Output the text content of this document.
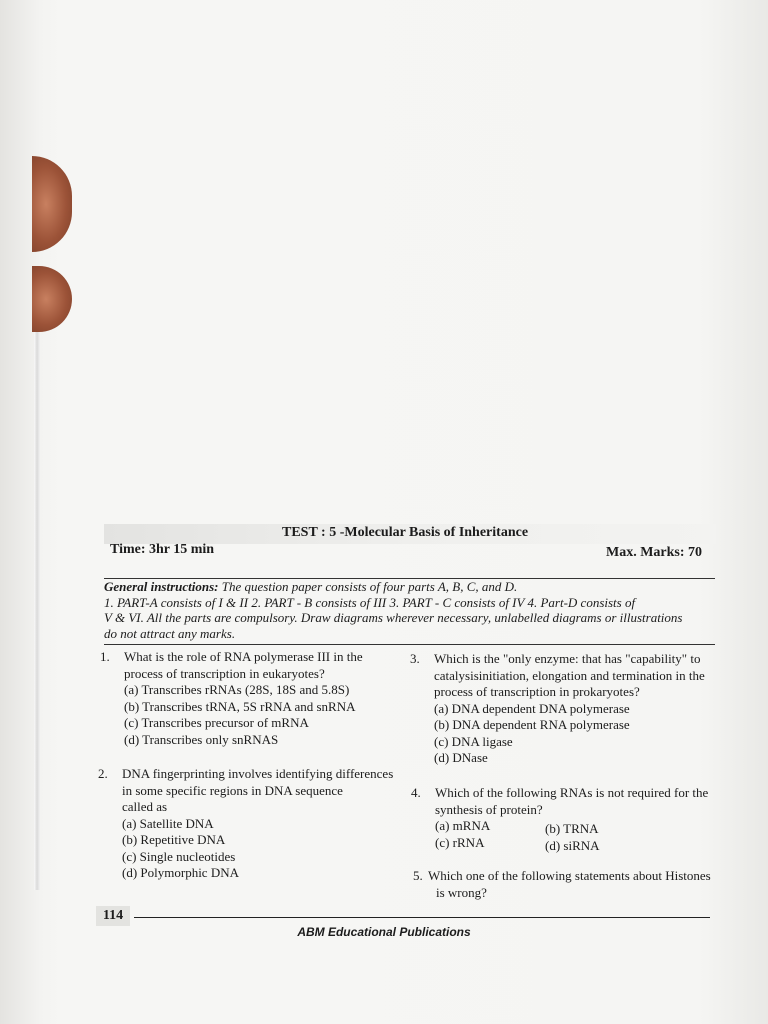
TEST : 5 -Molecular Basis of Inheritance
Time: 3hr 15 min	Max. Marks: 70
General instructions: The question paper consists of four parts A, B, C, and D.
1. PART-A consists of I & II 2. PART - B consists of III 3. PART - C consists of IV 4. Part-D consists of
V & VI. All the parts are compulsory. Draw diagrams wherever necessary, unlabelled diagrams or illustrations
do not attract any marks.
1. What is the role of RNA polymerase III in the
process of transcription in eukaryotes?
(a) Transcribes rRNAs (28S, 18S and 5.8S)
(b) Transcribes tRNA, 5S rRNA and snRNA
(c) Transcribes precursor of mRNA
(d) Transcribes only snRNAS
2. DNA fingerprinting involves identifying differences
in some specific regions in DNA sequence
called as
(a) Satellite DNA
(b) Repetitive DNA
(c) Single nucleotides
(d) Polymorphic DNA
3. Which is the "only enzyme: that has "capability" to
catalysisinitiation, elongation and termination in the
process of transcription in prokaryotes?
(a) DNA dependent DNA polymerase
(b) DNA dependent RNA polymerase
(c) DNA ligase
(d) DNase
4. Which of the following RNAs is not required for the
synthesis of protein?
(a) mRNA	(b) TRNA
(c) rRNA	(d) siRNA
5. Which one of the following statements about Histones
is wrong?
114
ABM Educational Publications
